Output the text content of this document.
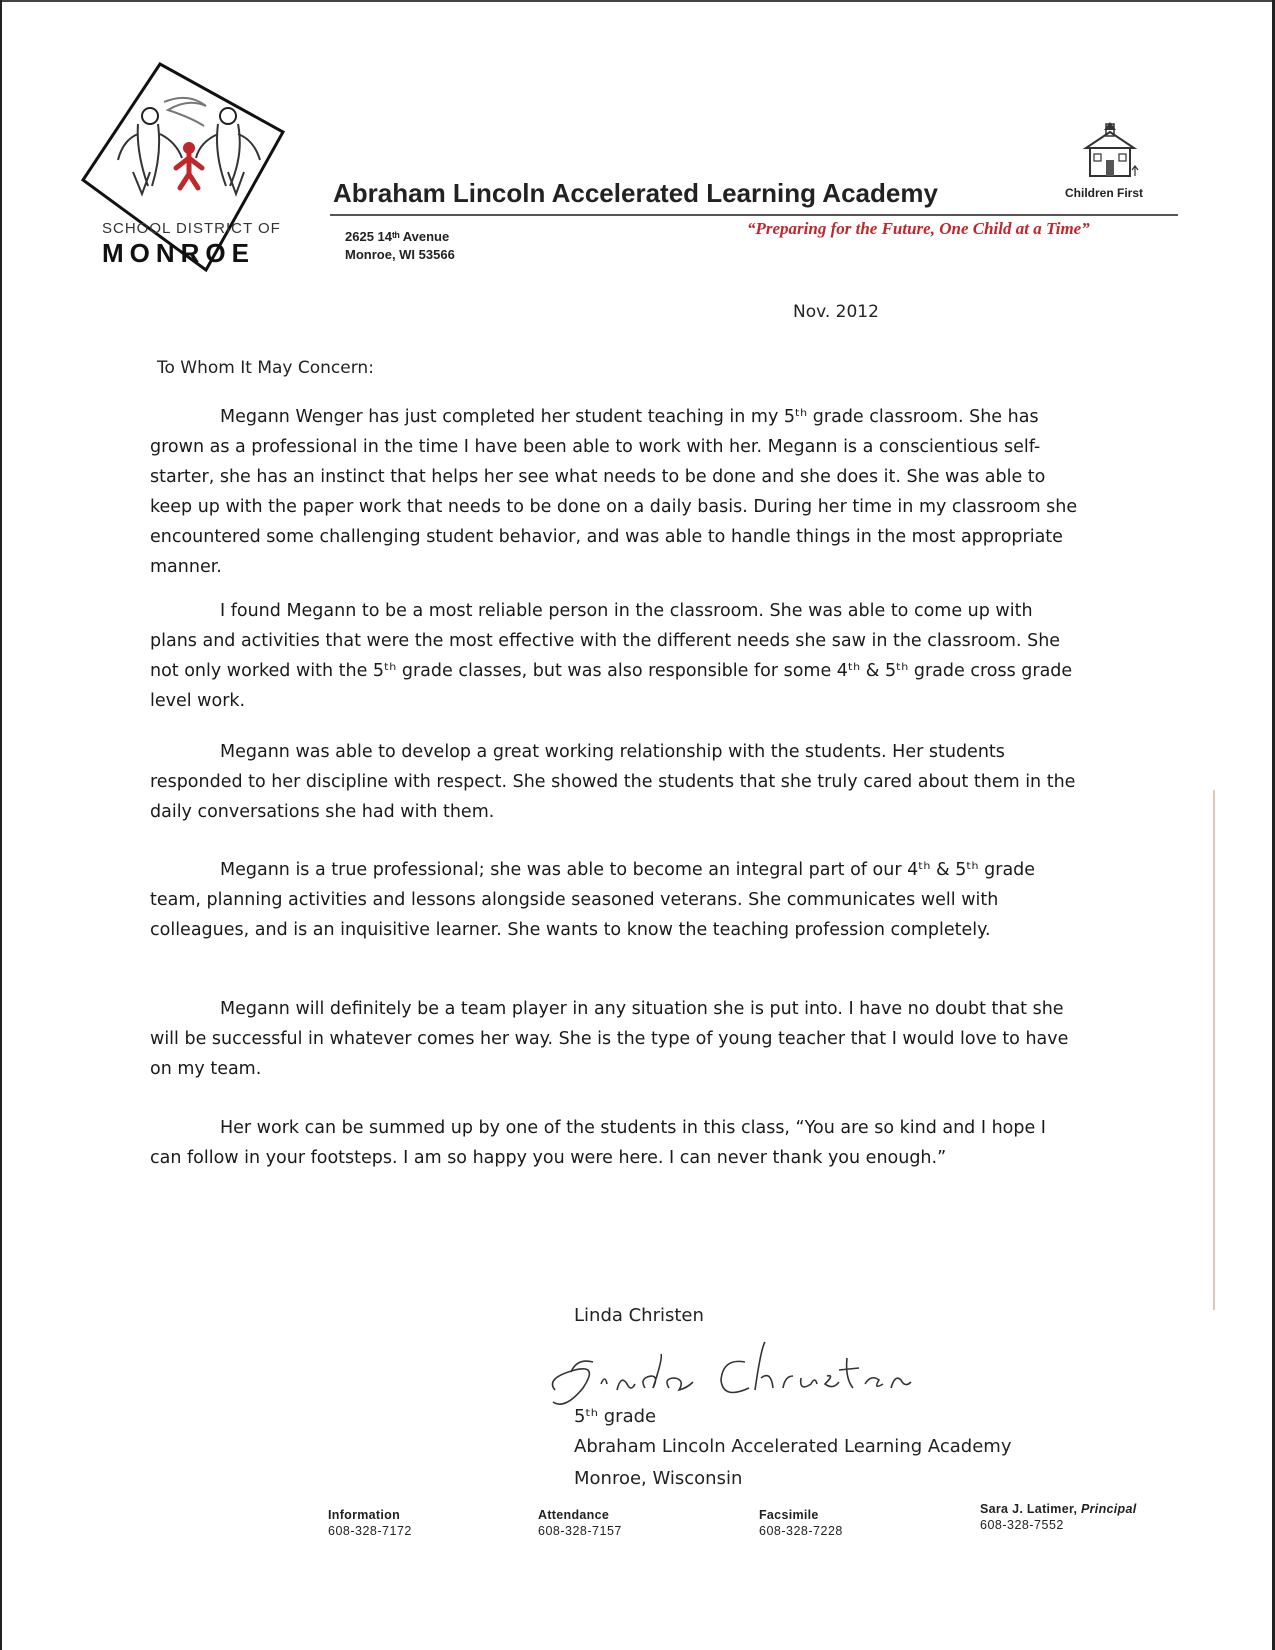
SCHOOL DISTRICT OF
MONROE
Abraham Lincoln Accelerated Learning Academy	Children First
2625 14ᵗʰ Avenue
Monroe, WI 53566
“Preparing for the Future, One Child at a Time”
Nov. 2012
To Whom It May Concern:
Megann Wenger has just completed her student teaching in my 5ᵗʰ grade classroom. She has grown as a professional in the time I have been able to work with her. Megann is a conscientious self-starter, she has an instinct that helps her see what needs to be done and she does it. She was able to keep up with the paper work that needs to be done on a daily basis. During her time in my classroom she encountered some challenging student behavior, and was able to handle things in the most appropriate manner.
I found Megann to be a most reliable person in the classroom. She was able to come up with plans and activities that were the most effective with the different needs she saw in the classroom. She not only worked with the 5ᵗʰ grade classes, but was also responsible for some 4ᵗʰ & 5ᵗʰ grade cross grade level work.
Megann was able to develop a great working relationship with the students. Her students responded to her discipline with respect. She showed the students that she truly cared about them in the daily conversations she had with them.
Megann is a true professional; she was able to become an integral part of our 4ᵗʰ & 5ᵗʰ grade team, planning activities and lessons alongside seasoned veterans. She communicates well with colleagues, and is an inquisitive learner. She wants to know the teaching profession completely.
Megann will definitely be a team player in any situation she is put into. I have no doubt that she will be successful in whatever comes her way. She is the type of young teacher that I would love to have on my team.
Her work can be summed up by one of the students in this class, “You are so kind and I hope I can follow in your footsteps. I am so happy you were here. I can never thank you enough.”
Linda Christen
5ᵗʰ grade
Abraham Lincoln Accelerated Learning Academy
Monroe, Wisconsin
Information
608-328-7172
Attendance
608-328-7157
Facsimile
608-328-7228
Sara J. Latimer, Principal
608-328-7552
